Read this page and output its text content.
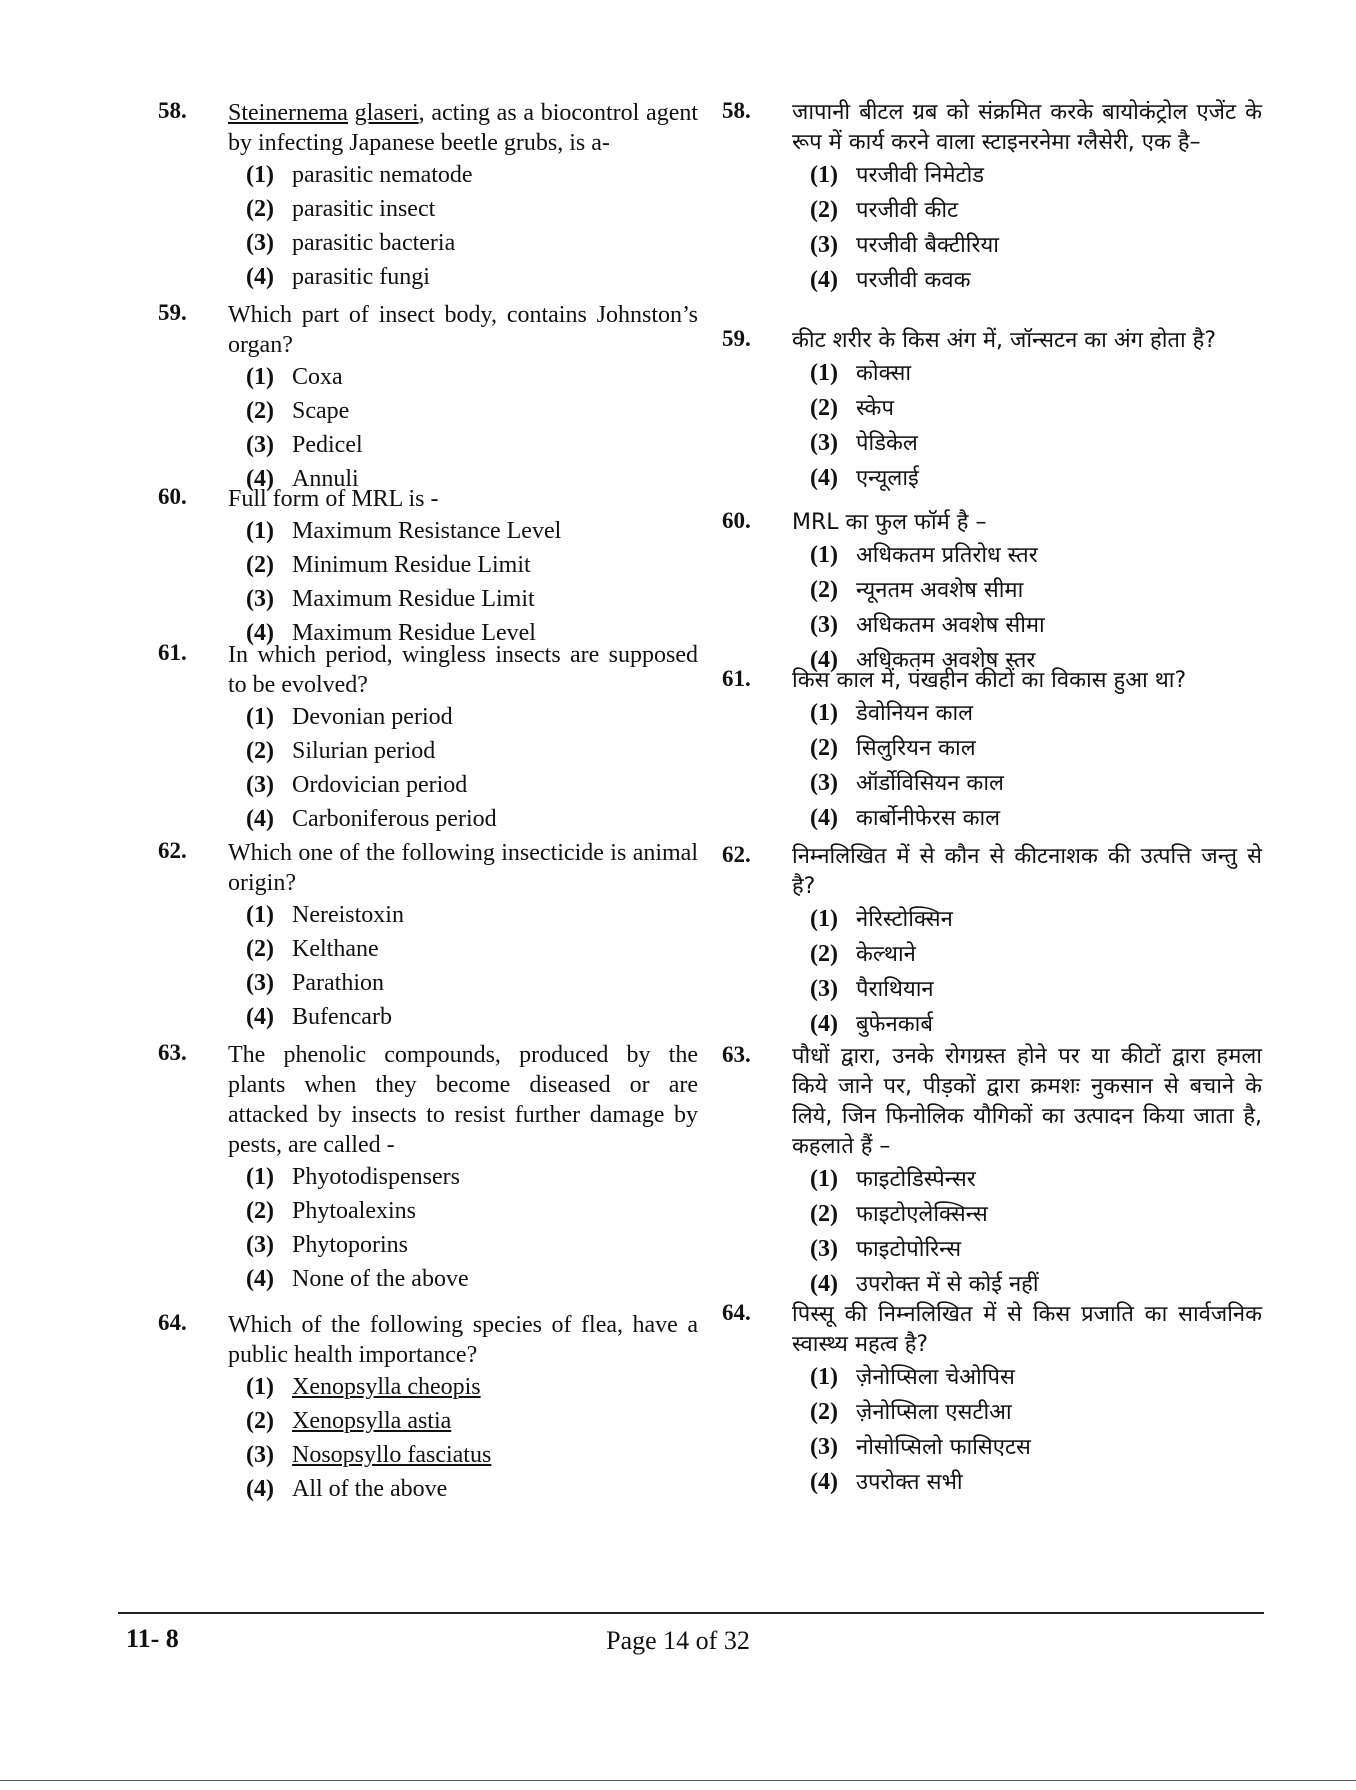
58. Steinernema glaseri, acting as a biocontrol agent by infecting Japanese beetle grubs, is a-
(1) parasitic nematode
(2) parasitic insect
(3) parasitic bacteria
(4) parasitic fungi
59. Which part of insect body, contains Johnston’s organ?
(1) Coxa
(2) Scape
(3) Pedicel
(4) Annuli
60. Full form of MRL is -
(1) Maximum Resistance Level
(2) Minimum Residue Limit
(3) Maximum Residue Limit
(4) Maximum Residue Level
61. In which period, wingless insects are supposed to be evolved?
(1) Devonian period
(2) Silurian period
(3) Ordovician period
(4) Carboniferous period
62. Which one of the following insecticide is animal origin?
(1) Nereistoxin
(2) Kelthane
(3) Parathion
(4) Bufencarb
63. The phenolic compounds, produced by the plants when they become diseased or are attacked by insects to resist further damage by pests, are called -
(1) Phyotodispensers
(2) Phytoalexins
(3) Phytoporins
(4) None of the above
64. Which of the following species of flea, have a public health importance?
(1) Xenopsylla cheopis
(2) Xenopsylla astia
(3) Nosopsyllo fasciatus
(4) All of the above
58. जापानी बीटल ग्रब को संक्रमित करके बायोकंट्रोल एजेंट के रूप में कार्य करने वाला स्टाइनरनेमा ग्लैसेरी, एक है–
(1) परजीवी निमेटोड
(2) परजीवी कीट
(3) परजीवी बैक्टीरिया
(4) परजीवी कवक
59. कीट शरीर के किस अंग में, जॉन्सटन का अंग होता है?
(1) कोक्सा
(2) स्केप
(3) पेडिकेल
(4) एन्यूलाई
60. MRL का फुल फॉर्म है –
(1) अधिकतम प्रतिरोध स्तर
(2) न्यूनतम अवशेष सीमा
(3) अधिकतम अवशेष सीमा
(4) अधिकतम अवशेष स्तर
61. किस काल में, पंखहीन कीटों का विकास हुआ था?
(1) डेवोनियन काल
(2) सिलुरियन काल
(3) ऑर्डोविसियन काल
(4) कार्बोनीफेरस काल
62. निम्नलिखित में से कौन से कीटनाशक की उत्पत्ति जन्तु से है?
(1) नेरिस्टोक्सिन
(2) केल्थाने
(3) पैराथियान
(4) बुफेनकार्ब
63. पौधों द्वारा, उनके रोगग्रस्त होने पर या कीटों द्वारा हमला किये जाने पर, पीड़कों द्वारा क्रमशः नुकसान से बचाने के लिये, जिन फिनोलिक यौगिकों का उत्पादन किया जाता है, कहलाते हैं –
(1) फाइटोडिस्पेन्सर
(2) फाइटोएलेक्सिन्स
(3) फाइटोपोरिन्स
(4) उपरोक्त में से कोई नहीं
64. पिस्सू की निम्नलिखित में से किस प्रजाति का सार्वजनिक स्वास्थ्य महत्व है?
(1) ज़ेनोप्सिला चेओपिस
(2) ज़ेनोप्सिला एसटीआ
(3) नोसोप्सिलो फासिएटस
(4) उपरोक्त सभी
11- 8	Page 14 of 32
